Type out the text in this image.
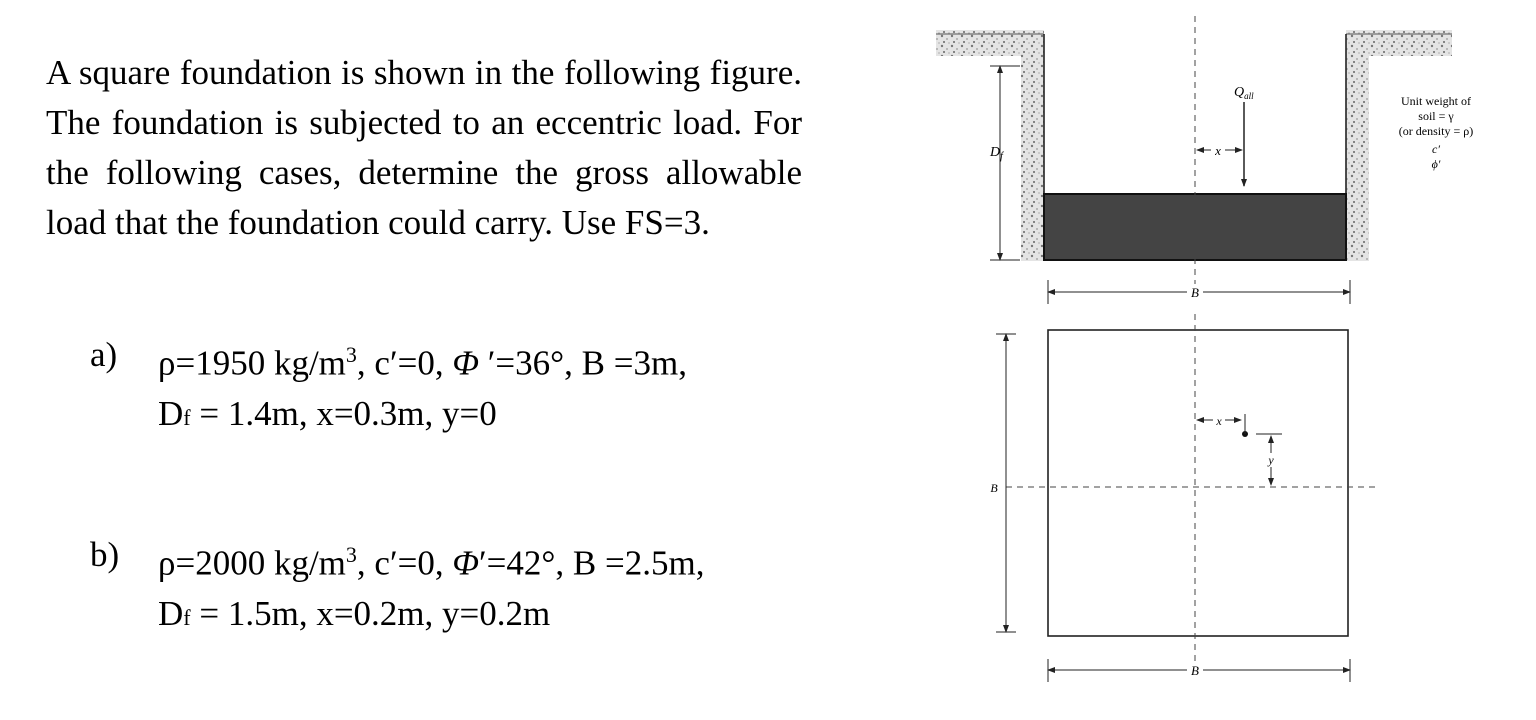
A square foundation is shown in the following figure. The foundation is subjected to an eccentric load. For the following cases, determine the gross allowable load that the foundation could carry. Use FS=3.

a) ρ=1950 $kg/m^3$, c′=0, Φ ′=36°, B =3m,
Df = 1.4m, x=0.3m, y=0
b) ρ=2000 $kg/m^3$, c′=0, Φ′=42°, B =2.5m,
Df = 1.5m, x=0.2m, y=0.2m
$D_f$
$Q_{all}$
x
Unit weight of
soil = γ
(or density = ρ)
c′
ϕ′
B
x
y
B
B
